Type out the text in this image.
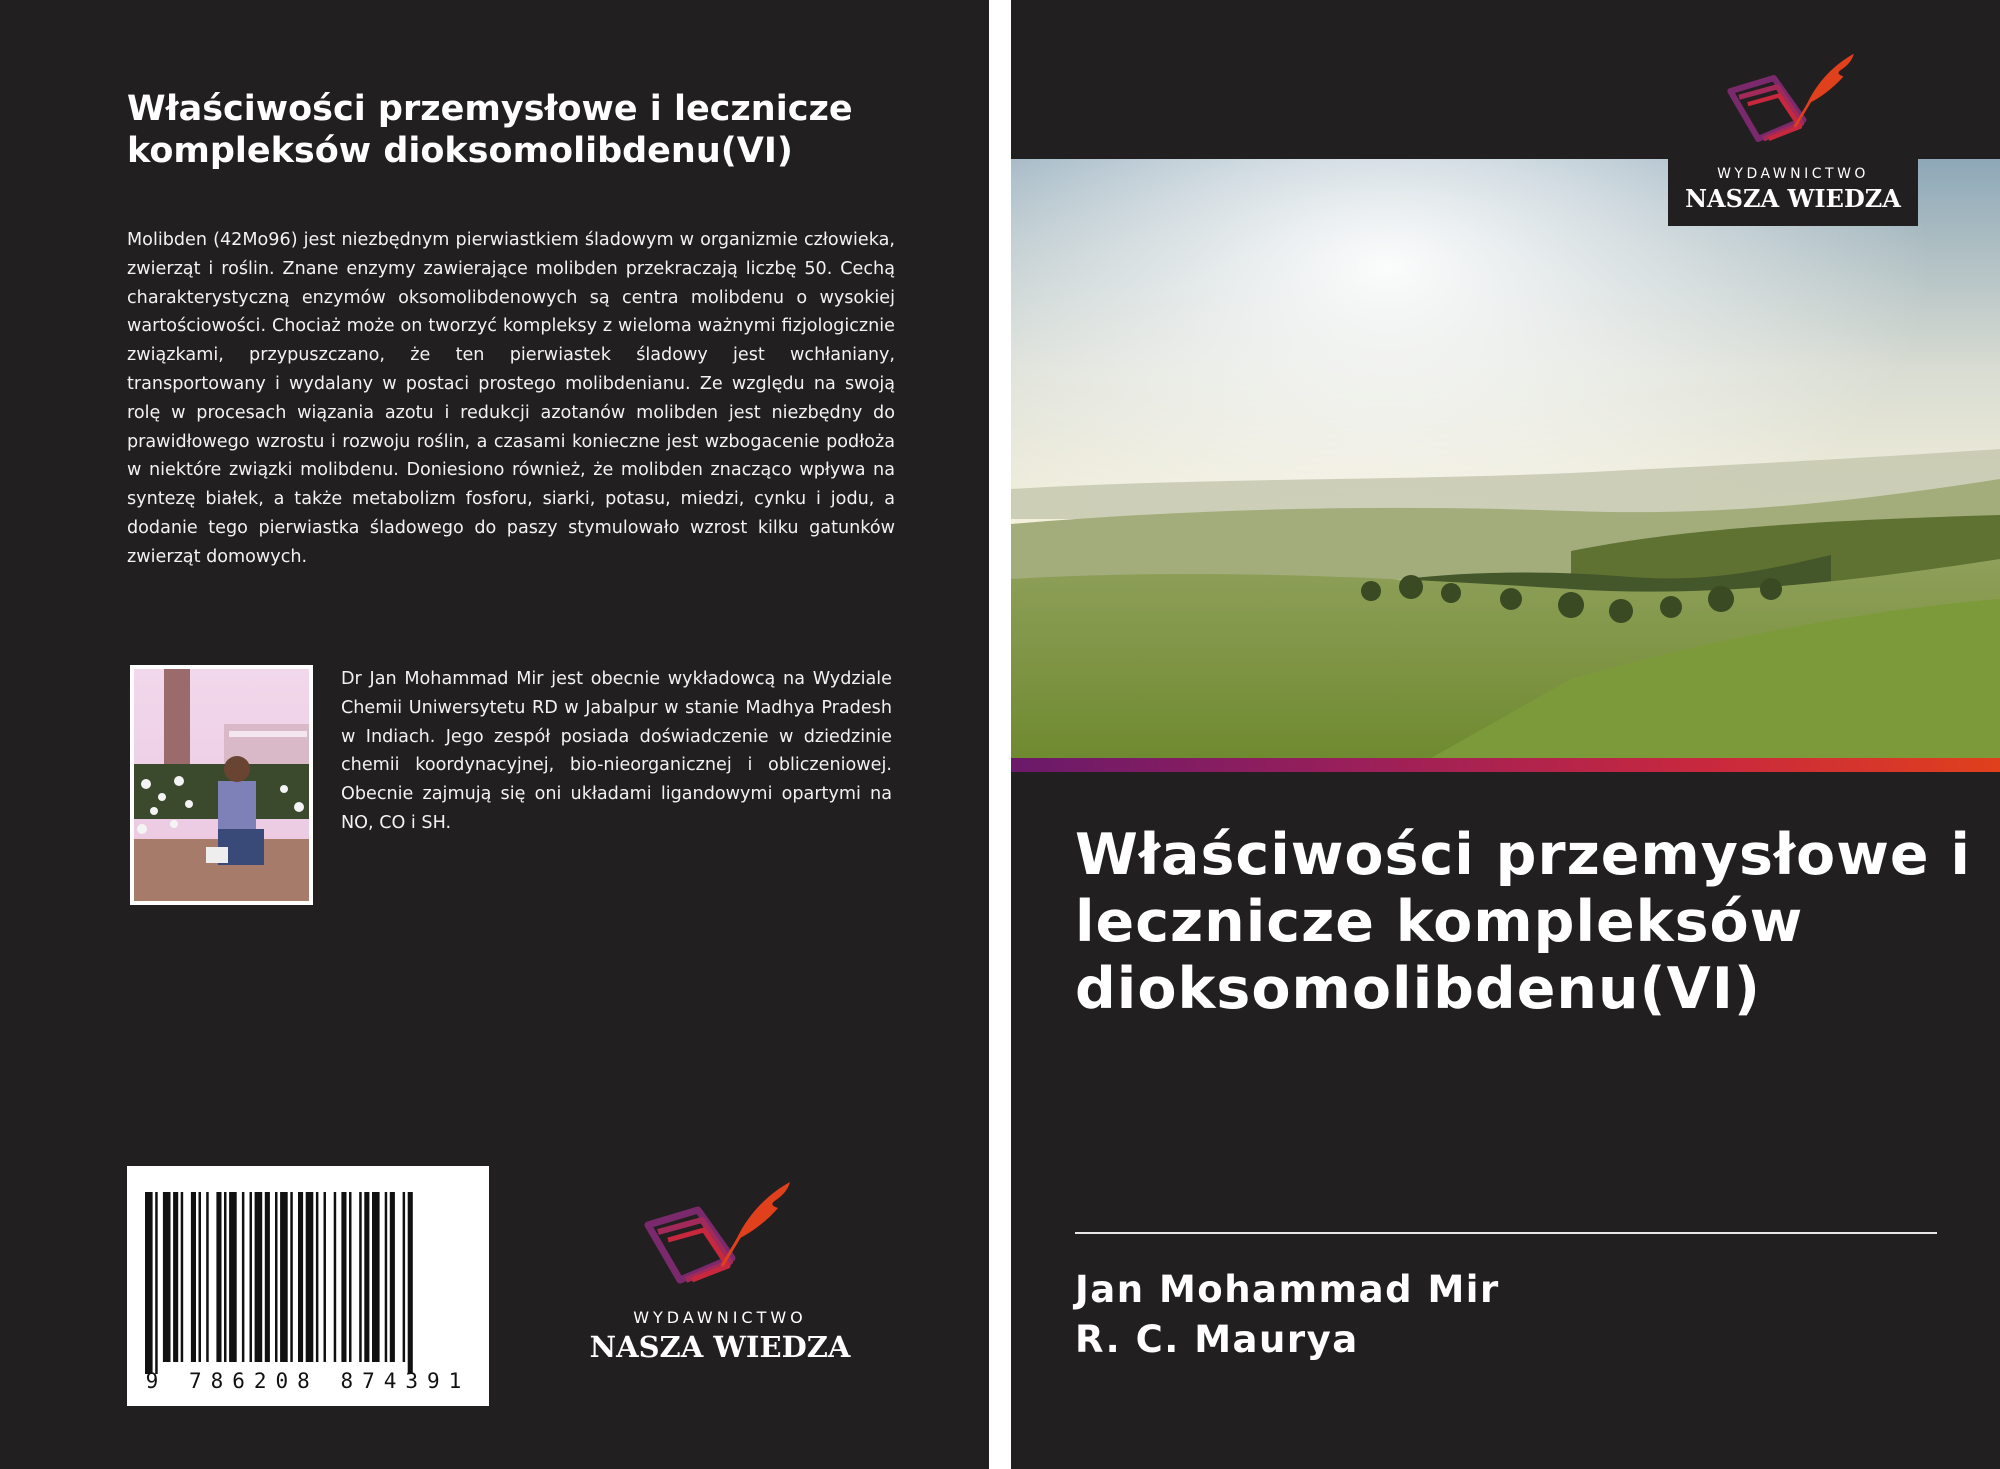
Właściwości przemysłowe i lecznicze kompleksów dioksomolibdenu(VI)

Molibden (42Mo96) jest niezbędnym pierwiastkiem śladowym w organizmie człowieka, zwierząt i roślin. Znane enzymy zawierające molibden przekraczają liczbę 50. Cechą charakterystyczną enzymów oksomolibdenowych są centra molibdenu o wysokiej wartościowości. Chociaż może on tworzyć kompleksy z wieloma ważnymi fizjologicznie związkami, przypuszczano, że ten pierwiastek śladowy jest wchłaniany, transportowany i wydalany w postaci prostego molibdenianu. Ze względu na swoją rolę w procesach wiązania azotu i redukcji azotanów molibden jest niezbędny do prawidłowego wzrostu i rozwoju roślin, a czasami konieczne jest wzbogacenie podłoża w niektóre związki molibdenu. Doniesiono również, że molibden znacząco wpływa na syntezę białek, a także metabolizm fosforu, siarki, potasu, miedzi, cynku i jodu, a dodanie tego pierwiastka śladowego do paszy stymulowało wzrost kilku gatunków zwierząt domowych.

Dr Jan Mohammad Mir jest obecnie wykładowcą na Wydziale Chemii Uniwersytetu RD w Jabalpur w stanie Madhya Pradesh w Indiach. Jego zespół posiada doświadczenie w dziedzinie chemii koordynacyjnej, bio-nieorganicznej i obliczeniowej. Obecnie zajmują się oni układami ligandowymi opartymi na NO, CO i SH.

9 786208 874391
WYDAWNICTWO
NASZA WIEDZA
WYDAWNICTWO
NASZA WIEDZA
Właściwości przemysłowe i lecznicze kompleksów dioksomolibdenu(VI)

Jan Mohammad Mir

R. C. Maurya
